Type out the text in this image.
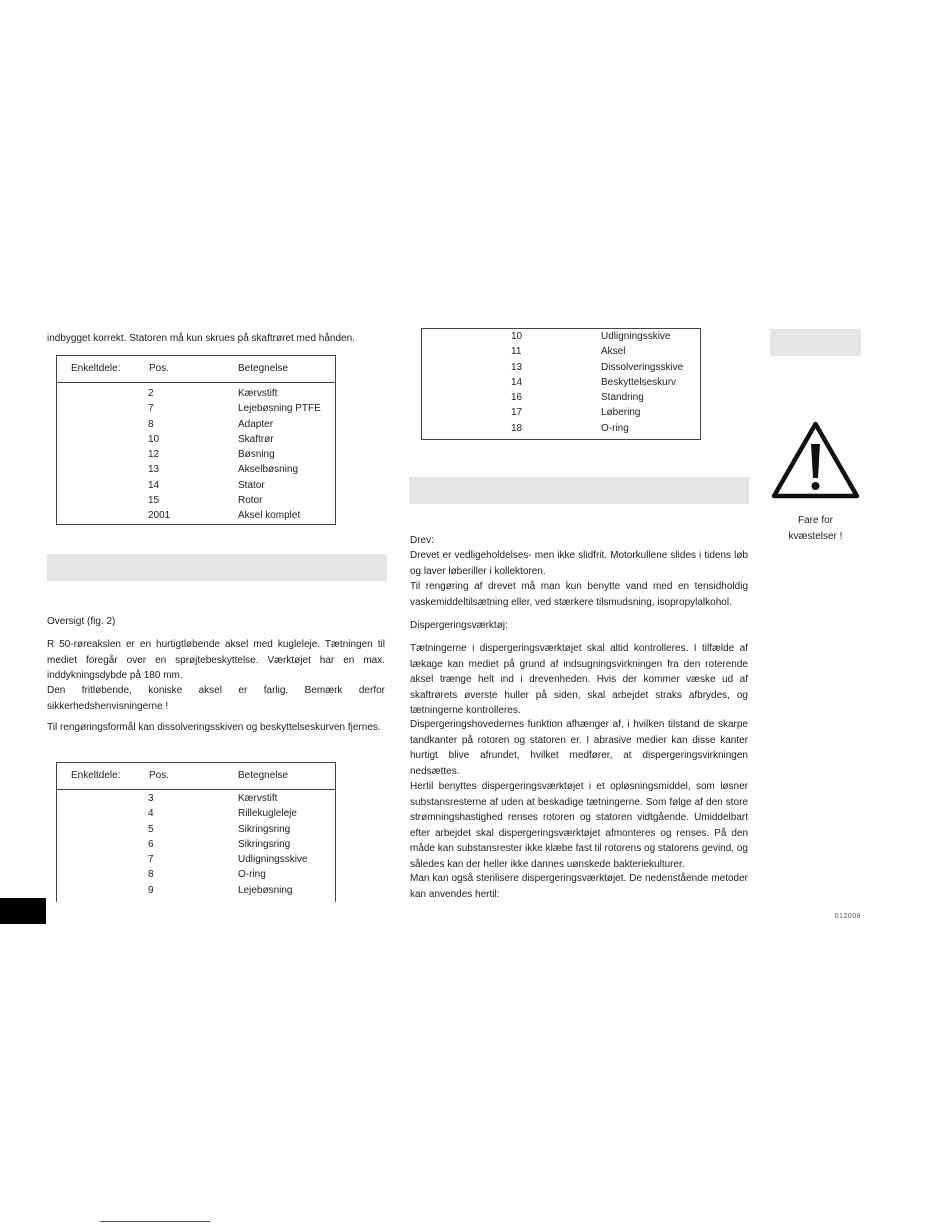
indbygget korrekt. Statoren må kun skrues på skaftrøret med hånden.

Enkeltdele:	Pos.	Betegnelse
2	Kærvstift
7	Lejebøsning PTFE
8	Adapter
10	Skaftrør
12	Bøsning
13	Akselbøsning
14	Stator
15	Rotor
2001	Aksel komplet

Oversigt (fig. 2)

R 50-røreakslen er en hurtigtløbende aksel med kugleleje. Tætningen til mediet foregår over en sprøjtebeskyttelse. Værktøjet har en max. inddykningsdybde på 180 mm.

Den fritløbende, koniske aksel er farlig. Bemærk derfor sikkerhedshenvisningerne !

Til rengøringsformål kan dissolveringsskiven og beskyttelseskurven fjernes.

Enkeltdele:	Pos.	Betegnelse
3	Kærvstift
4	Rillekugleleje
5	Sikringsring
6	Sikringsring
7	Udligningsskive
8	O-ring
9	Lejebøsning
10	Udligningsskive
11	Aksel
13	Dissolveringsskive
14	Beskyttelseskurv
16	Standring
17	Løbering
18	O-ring

Drev:

Drevet er vedligeholdelses- men ikke slidfrit. Motorkullene slides i tidens løb og laver løberiller i kollektoren.

Til rengøring af drevet må man kun benytte vand med en tensidholdig vaskemiddeltilsætning eller, ved stærkere tilsmudsning, isopropylalkohol.

Dispergeringsværktøj:

Tætningerne i dispergeringsværktøjet skal altid kontrolleres. I tilfælde af lækage kan mediet på grund af indsugningsvirkningen fra den roterende aksel trænge helt ind i drevenheden. Hvis der kommer væske ud af skaftrørets øverste huller på siden, skal arbejdet straks afbrydes, og tætningerne kontrolleres.

Dispergeringshovedernes funktion afhænger af, i hvilken tilstand de skarpe tandkanter på rotoren og statoren er. I abrasive medier kan disse kanter hurtigt blive afrundet, hvilket medfører, at dispergeringsvirkningen nedsættes.

Hertil benyttes dispergeringsværktøjet i et opløsningsmiddel, som løsner substansresterne af uden at beskadige tætningerne. Som følge af den store strømningshastighed renses rotoren og statoren vidtgående. Umiddelbart efter arbejdet skal dispergeringsværktøjet afmonteres og renses. På den måde kan substansrester ikke klæbe fast til rotorens og statorens gevind, og således kan der heller ikke dannes uønskede bakteriekulturer.

Man kan også sterilisere dispergeringsværktøjet. De nedenstående metoder kan anvendes hertil:

Fare for
kvæstelser !
012008
